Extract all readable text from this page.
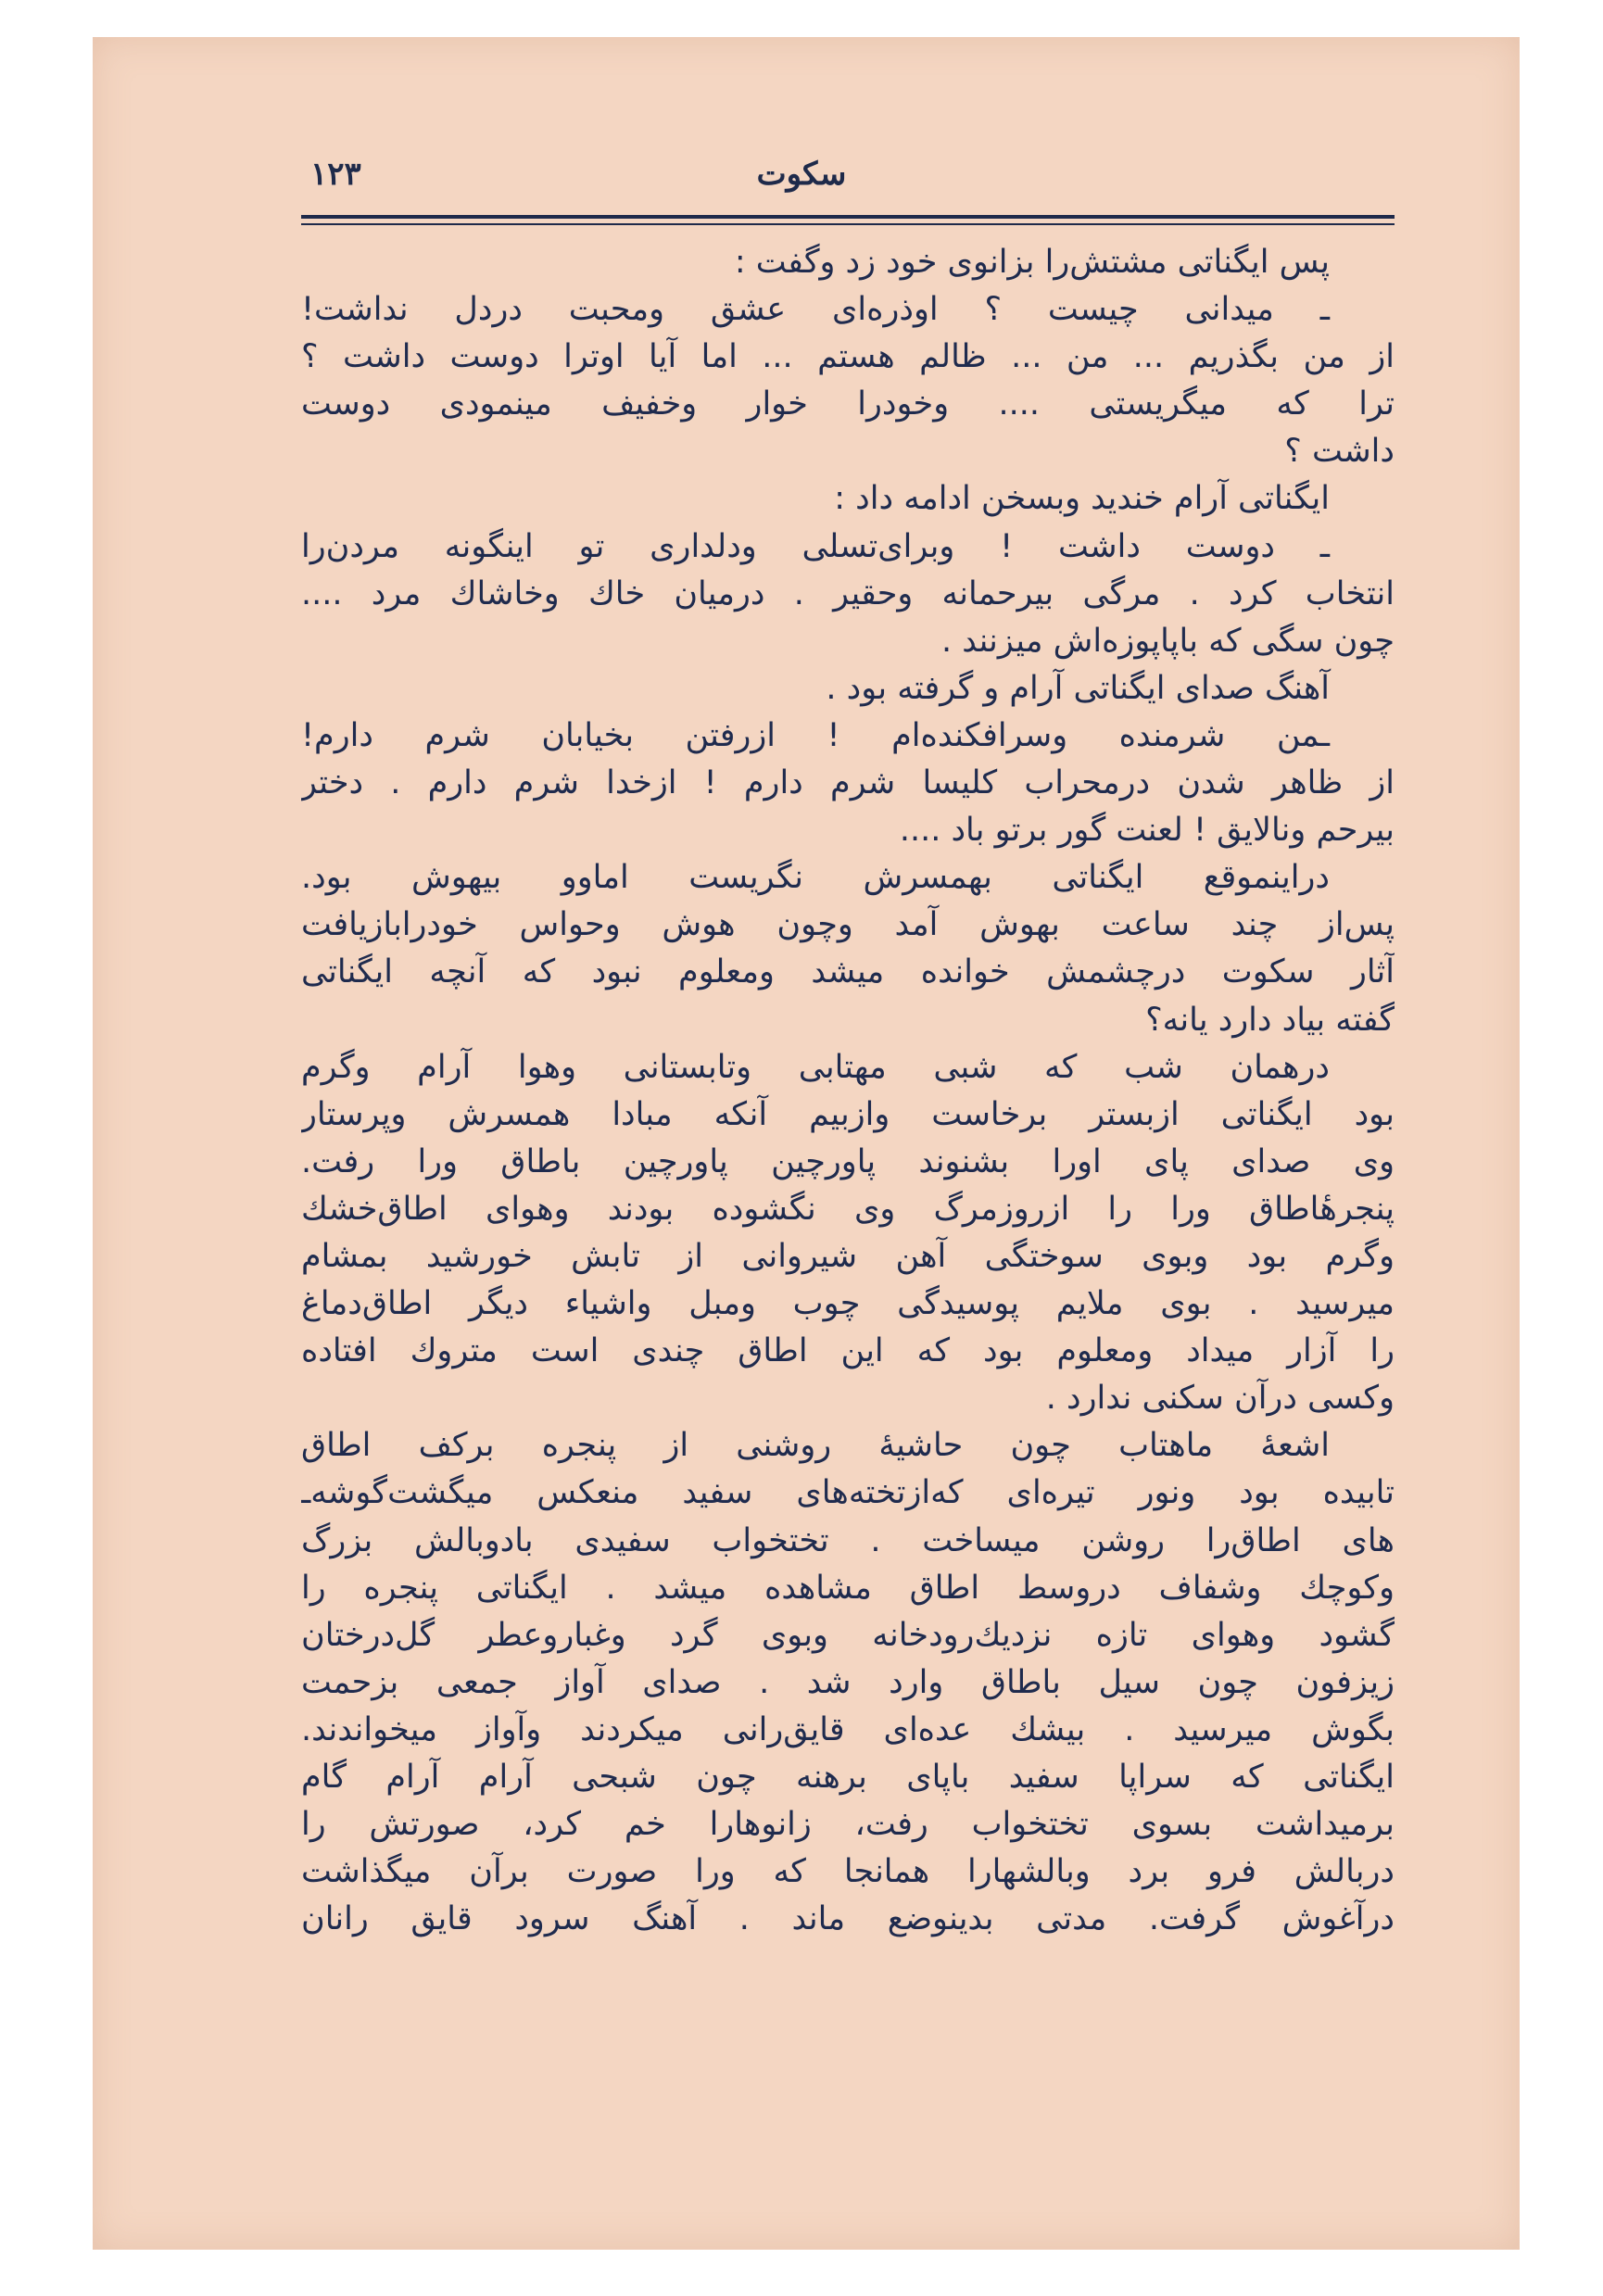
سکوت
۱۲۳
پس ایگناتی مشتش‌را بزانوی خود زد وگفت :
ـ میدانی چیست ؟ اوذره‌ای عشق ومحبت دردل نداشت!
از من بگذریم ... من ... ظالم هستم ... اما آیا اوترا دوست داشت ؟
ترا که میگریستی .... وخودرا خوار وخفیف مینمودی دوست
داشت ؟
ایگناتی آرام خندید وبسخن ادامه داد :
ـ دوست داشت ! وبرای‌تسلی ودلداری تو اینگونه مردن‌را
انتخاب کرد . مرگی بیرحمانه وحقیر . درمیان خاك وخاشاك مرد ....
چون سگی که باپاپوزه‌اش میزنند .
آهنگ صدای ایگناتی آرام و گرفته بود .
ـمن شرمنده وسرافکنده‌ام ! ازرفتن بخیابان شرم دارم!
از ظاهر شدن درمحراب کلیسا شرم دارم ! ازخدا شرم دارم . دختر
بیرحم ونالایق ! لعنت گور برتو باد ....
دراینموقع ایگناتی بهمسرش نگریست اماوو بیهوش بود.
پس‌از چند ساعت بهوش آمد وچون هوش وحواس خودرابازیافت
آثار سکوت درچشمش خوانده میشد ومعلوم نبود که آنچه ایگناتی
گفته بیاد دارد یانه؟
درهمان شب که شبی مهتابی وتابستانی وهوا آرام وگرم
بود ایگناتی ازبستر برخاست وازبیم آنکه مبادا همسرش وپرستار
وی صدای پای اورا بشنوند پاورچین پاورچین باطاق ورا رفت.
پنجرهٔاطاق ورا را ازروزمرگ وی نگشوده بودند وهوای اطاق‌خشك
وگرم بود وبوی سوختگی آهن شیروانی از تابش خورشید بمشام
میرسید . بوی ملایم پوسیدگی چوب ومبل واشیاء دیگر اطاق‌دماغ
را آزار میداد ومعلوم بود که این اطاق چندی است متروك افتاده
وکسی درآن سکنی ندارد .
اشعهٔ ماهتاب چون حاشیهٔ روشنی از پنجره برکف اطاق
تابیده بود ونور تیره‌ای که‌ازتخته‌های سفید منعکس میگشت‌گوشه‌ـ
های اطاق‌را روشن میساخت . تختخواب سفیدی بادوبالش بزرگ
وکوچك وشفاف دروسط اطاق مشاهده میشد . ایگناتی پنجره را
گشود وهوای تازه نزدیك‌رودخانه وبوی گرد وغباروعطر گل‌درختان
زیزفون چون سیل باطاق وارد شد . صدای آواز جمعی بزحمت
بگوش میرسید . بیشك عده‌ای قایق‌رانی میکردند وآواز میخواندند.
ایگناتی که سراپا سفید باپای برهنه چون شبحی آرام آرام گام
برمیداشت بسوی تختخواب رفت، زانوهارا خم کرد، صورتش را
دربالش فرو برد وبالشهارا همانجا که ورا صورت برآن میگذاشت
درآغوش گرفت. مدتی بدینوضع ماند . آهنگ سرود قایق رانان
